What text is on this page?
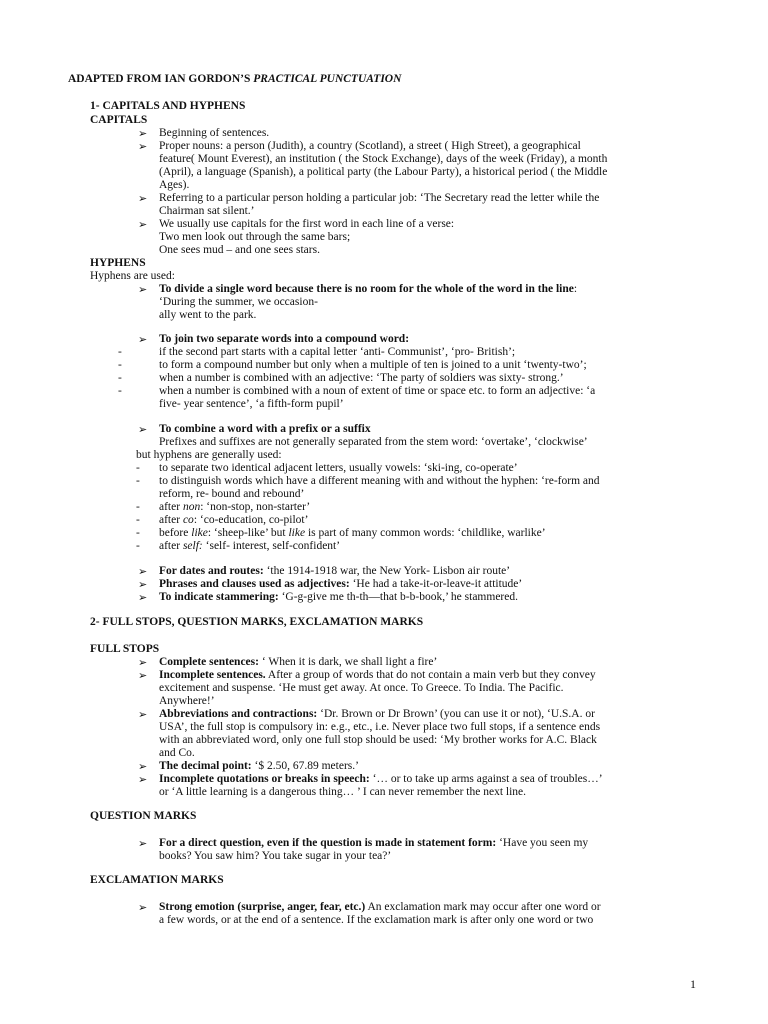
ADAPTED FROM IAN GORDON’S PRACTICAL PUNCTUATION
1- CAPITALS AND HYPHENS
CAPITALS
➢ Beginning of sentences.
➢ Proper nouns: a person (Judith), a country (Scotland), a street ( High Street), a geographical
feature( Mount Everest), an institution ( the Stock Exchange), days of the week (Friday), a month
(April), a language (Spanish), a political party (the Labour Party), a historical period ( the Middle
Ages).
➢ Referring to a particular person holding a particular job: ‘The Secretary read the letter while the
Chairman sat silent.’
➢ We usually use capitals for the first word in each line of a verse:
Two men look out through the same bars;
One sees mud – and one sees stars.
HYPHENS
Hyphens are used:
➢ To divide a single word because there is no room for the whole of the word in the line:
‘During the summer, we occasion-
ally went to the park.
➢ To join two separate words into a compound word:
-	if the second part starts with a capital letter ‘anti- Communist’, ‘pro- British’;
-	to form a compound number but only when a multiple of ten is joined to a unit ‘twenty-two’;
-	when a number is combined with an adjective: ‘The party of soldiers was sixty- strong.’
-	when a number is combined with a noun of extent of time or space etc. to form an adjective: ‘a
five- year sentence’, ‘a fifth-form pupil’
➢ To combine a word with a prefix or a suffix
Prefixes and suffixes are not generally separated from the stem word: ‘overtake’, ‘clockwise’
but hyphens are generally used:
- to separate two identical adjacent letters, usually vowels: ‘ski-ing, co-operate’
- to distinguish words which have a different meaning with and without the hyphen: ‘re-form and
reform, re- bound and rebound’
- after non: ‘non-stop, non-starter’
- after co: ‘co-education, co-pilot’
- before like: ‘sheep-like’ but like is part of many common words: ‘childlike, warlike’
- after self: ‘self- interest, self-confident’
➢ For dates and routes: ‘the 1914-1918 war, the New York- Lisbon air route’
➢ Phrases and clauses used as adjectives: ‘He had a take-it-or-leave-it attitude’
➢ To indicate stammering: ‘G-g-give me th-th—that b-b-book,’ he stammered.
2- FULL STOPS, QUESTION MARKS, EXCLAMATION MARKS
FULL STOPS
➢ Complete sentences: ‘ When it is dark, we shall light a fire’
➢ Incomplete sentences. After a group of words that do not contain a main verb but they convey
excitement and suspense. ‘He must get away. At once. To Greece. To India. The Pacific.
Anywhere!’
➢ Abbreviations and contractions: ‘Dr. Brown or Dr Brown’ (you can use it or not), ‘U.S.A. or
USA’, the full stop is compulsory in: e.g., etc., i.e. Never place two full stops, if a sentence ends
with an abbreviated word, only one full stop should be used: ‘My brother works for A.C. Black
and Co.
➢ The decimal point: ‘$ 2.50, 67.89 meters.’
➢ Incomplete quotations or breaks in speech: ‘… or to take up arms against a sea of troubles…’
or ‘A little learning is a dangerous thing… ’ I can never remember the next line.
QUESTION MARKS
➢ For a direct question, even if the question is made in statement form: ‘Have you seen my
books? You saw him? You take sugar in your tea?’
EXCLAMATION MARKS
➢ Strong emotion (surprise, anger, fear, etc.) An exclamation mark may occur after one word or
a few words, or at the end of a sentence. If the exclamation mark is after only one word or two
1
